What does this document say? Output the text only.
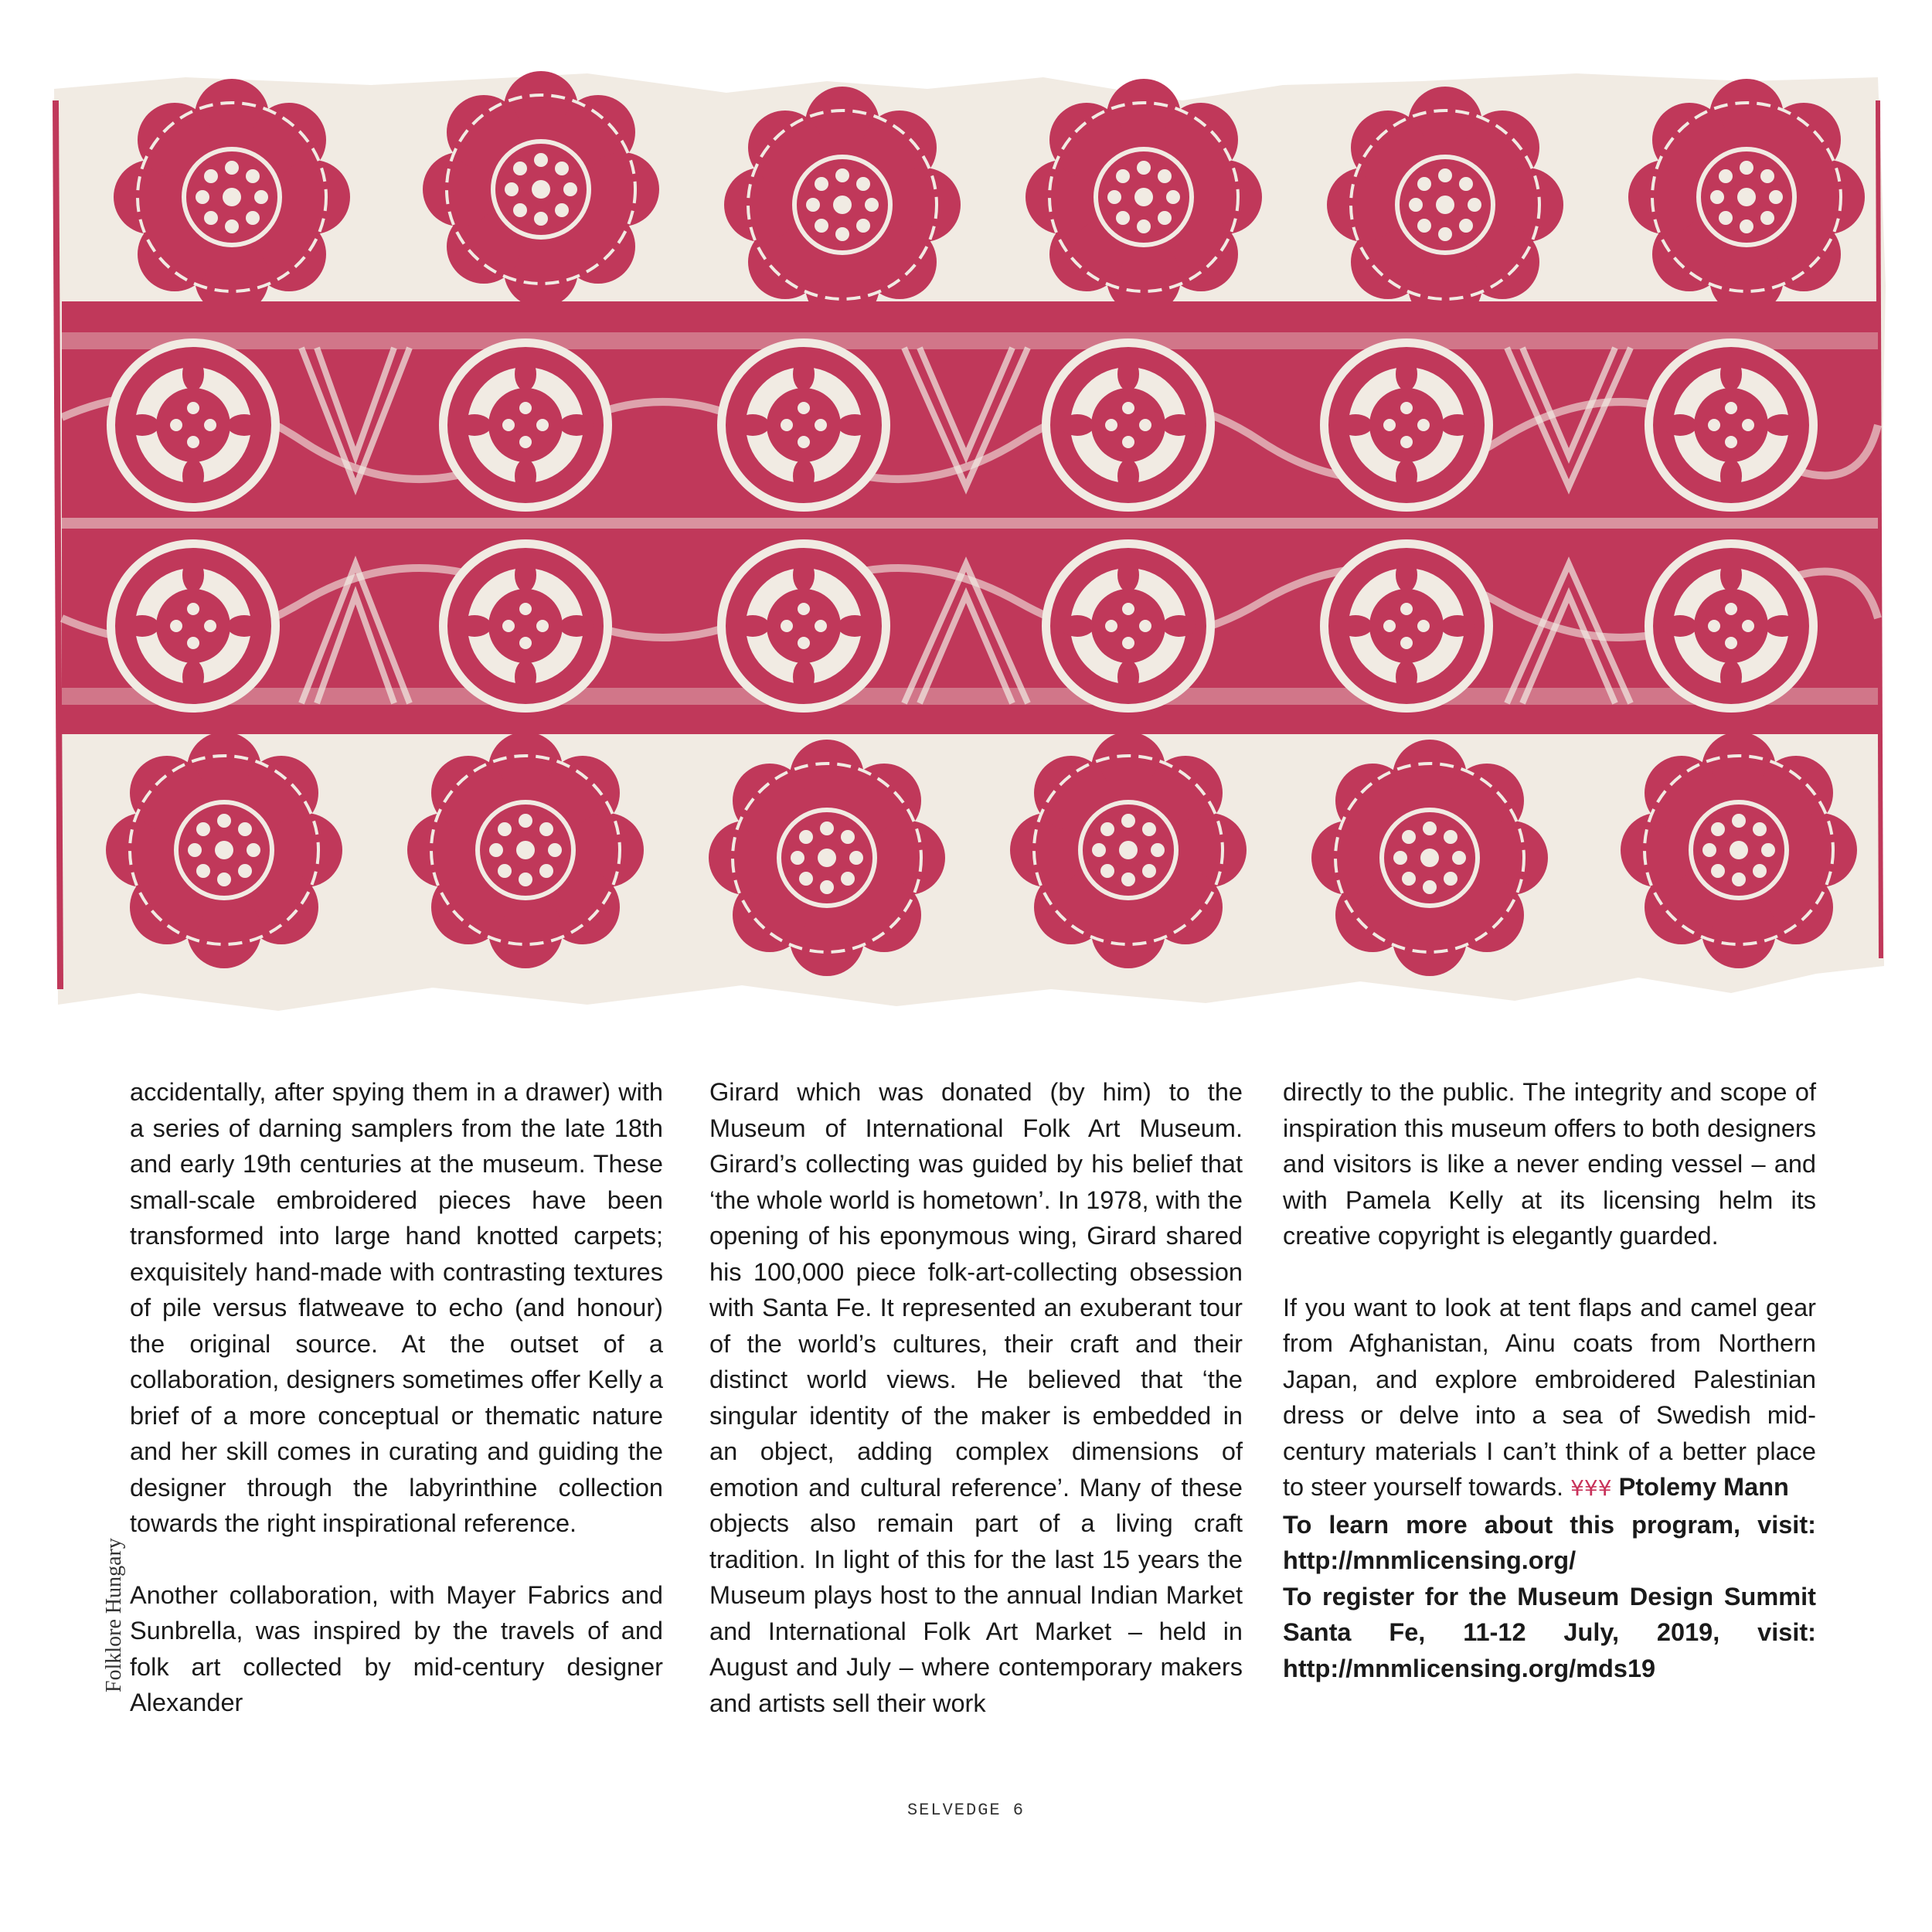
Folklore Hungary

accidentally, after spying them in a drawer) with a series of darning samplers from the late 18th and early 19th centuries at the museum. These small-scale embroidered pieces have been transformed into large hand knotted carpets; exquisitely hand-made with contrasting textures of pile versus flatweave to echo (and honour) the original source. At the outset of a collaboration, designers sometimes offer Kelly a brief of a more conceptual or thematic nature and her skill comes in curating and guiding the designer through the labyrinthine collection towards the right inspirational reference.

Another collaboration, with Mayer Fabrics and Sunbrella, was inspired by the travels of and folk art collected by mid-century designer Alexander

Girard which was donated (by him) to the Museum of International Folk Art Museum. Girard’s collecting was guided by his belief that ‘the whole world is hometown’. In 1978, with the opening of his eponymous wing, Girard shared his 100,000 piece folk-art-collecting obsession with Santa Fe. It represented an exuberant tour of the world’s cultures, their craft and their distinct world views. He believed that ‘the singular identity of the maker is embedded in an object, adding complex dimensions of emotion and cultural reference’. Many of these objects also remain part of a living craft tradition. In light of this for the last 15 years the Museum plays host to the annual Indian Market and International Folk Art Market – held in August and July – where contemporary makers and artists sell their work

directly to the public. The integrity and scope of inspiration this museum offers to both designers and visitors is like a never ending vessel – and with Pamela Kelly at its licensing helm its creative copyright is elegantly guarded.

If you want to look at tent flaps and camel gear from Afghanistan, Ainu coats from Northern Japan, and explore embroidered Palestinian dress or delve into a sea of Swedish mid-century materials I can’t think of a better place to steer yourself towards. ¥¥¥ Ptolemy Mann
To learn more about this program, visit: http://mnmlicensing.org/
To register for the Museum Design Summit Santa Fe, 11-12 July, 2019, visit: http://mnmlicensing.org/mds19

SELVEDGE 6
